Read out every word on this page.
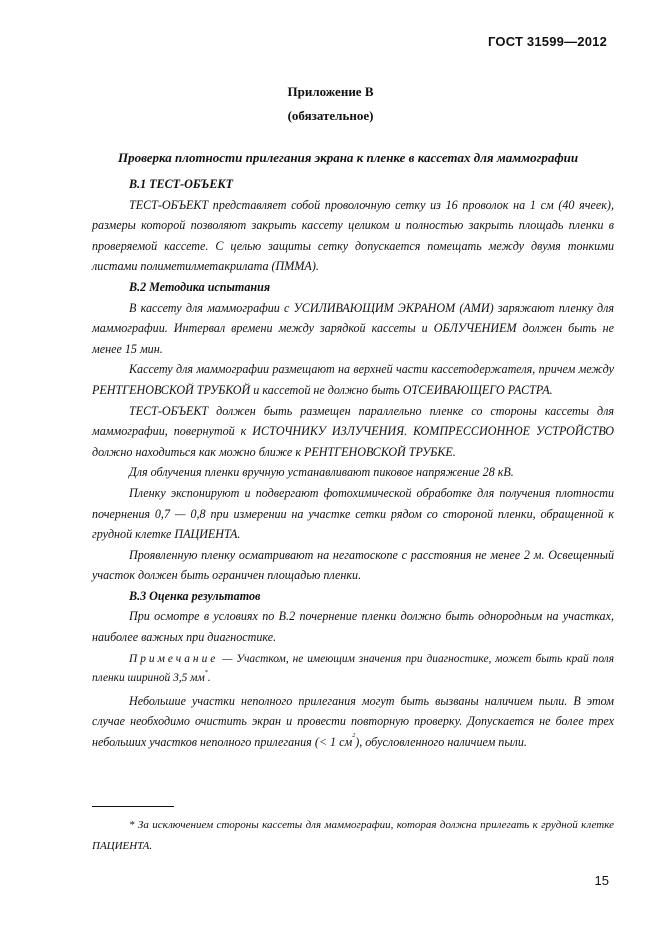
ГОСТ 31599—2012
Приложение В
(обязательное)
Проверка плотности прилегания экрана к пленке в кассетах для маммографии

В.1 ТЕСТ-ОБЪЕКТ

ТЕСТ-ОБЪЕКТ представляет собой проволочную сетку из 16 проволок на 1 см (40 ячеек), размеры которой позволяют закрыть кассету целиком и полностью закрыть площадь пленки в проверяемой кассете. С целью защиты сетку допускается помещать между двумя тонкими листами полиметилметакрилата (ПММА).

В.2 Методика испытания

В кассету для маммографии с УСИЛИВАЮЩИМ ЭКРАНОМ (АМИ) заряжают пленку для маммографии. Интервал времени между зарядкой кассеты и ОБЛУЧЕНИЕМ должен быть не менее 15 мин.

Кассету для маммографии размещают на верхней части кассетодержателя, причем между РЕНТГЕНОВСКОЙ ТРУБКОЙ и кассетой не должно быть ОТСЕИВАЮЩЕГО РАСТРА.

ТЕСТ-ОБЪЕКТ должен быть размещен параллельно пленке со стороны кассеты для маммографии, повернутой к ИСТОЧНИКУ ИЗЛУЧЕНИЯ. КОМПРЕССИОННОЕ УСТРОЙСТВО должно находиться как можно ближе к РЕНТГЕНОВСКОЙ ТРУБКЕ.

Для облучения пленки вручную устанавливают пиковое напряжение 28 кВ.

Пленку экспонируют и подвергают фотохимической обработке для получения плотности почернения 0,7 — 0,8 при измерении на участке сетки рядом со стороной пленки, обращенной к грудной клетке ПАЦИЕНТА.

Проявленную пленку осматривают на негатоскопе с расстояния не менее 2 м. Освещенный участок должен быть ограничен площадью пленки.

В.3 Оценка результатов

При осмотре в условиях по В.2 почернение пленки должно быть однородным на участках, наиболее важных при диагностике.

Примечание — Участком, не имеющим значения при диагностике, может быть край поля пленки шириной 3,5 мм*.

Небольшие участки неполного прилегания могут быть вызваны наличием пыли. В этом случае необходимо очистить экран и провести повторную проверку. Допускается не более трех небольших участков неполного прилегания (< 1 $см^2$), обусловленного наличием пыли.

* За исключением стороны кассеты для маммографии, которая должна прилегать к грудной клетке ПАЦИЕНТА.

15
